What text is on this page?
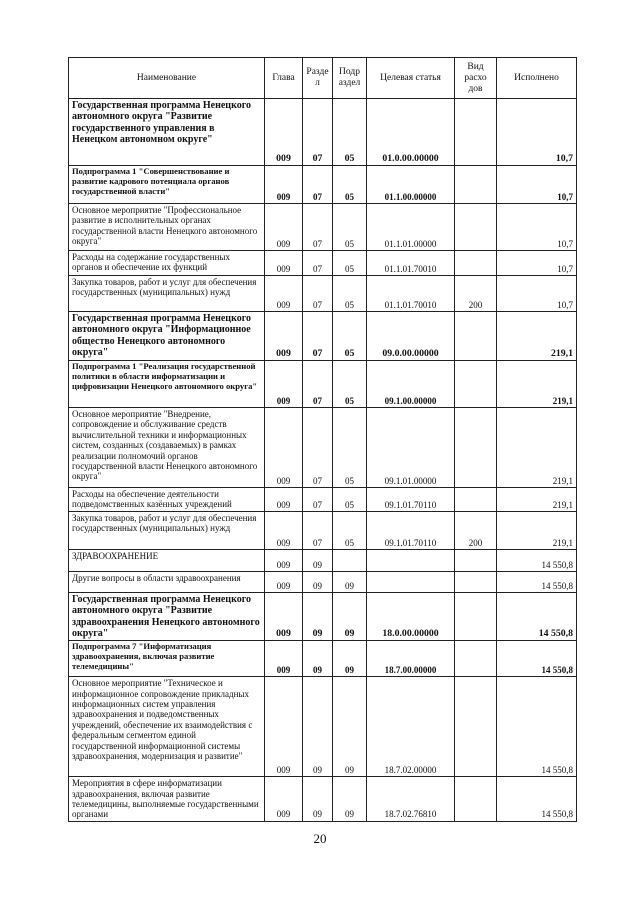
Наименование	Глава	Разде л	Подр аздел	Целевая статья	Вид расхо дов	Исполнено
Государственная программа Ненецкого автономного округа "Развитие государственного управления в Ненецком автономном округе"	009	07	05	01.0.00.00000		10,7
Подпрограмма 1 "Совершенствование и развитие кадрового потенциала органов государственной власти"	009	07	05	01.1.00.00000		10,7
Основное мероприятие "Профессиональное развитие в исполнительных органах государственной власти Ненецкого автономного округа"	009	07	05	01.1.01.00000		10,7
Расходы на содержание государственных органов и обеспечение их функций	009	07	05	01.1.01.70010		10,7
Закупка товаров, работ и услуг для обеспечения государственных (муниципальных) нужд	009	07	05	01.1.01.70010	200	10,7
Государственная программа Ненецкого автономного округа "Информационное общество Ненецкого автономного округа"	009	07	05	09.0.00.00000		219,1
Подпрограмма 1 "Реализация государственной политики в области информатизации и цифровизации Ненецкого автономного округа"	009	07	05	09.1.00.00000		219,1
Основное мероприятие "Внедрение, сопровождение и обслуживание средств вычислительной техники и информационных систем, созданных (создаваемых) в рамках реализации полномочий органов государственной власти Ненецкого автономного округа"	009	07	05	09.1.01.00000		219,1
Расходы на обеспечение деятельности подведомственных казённых учреждений	009	07	05	09.1.01.70110		219,1
Закупка товаров, работ и услуг для обеспечения государственных (муниципальных) нужд	009	07	05	09.1.01.70110	200	219,1
ЗДРАВООХРАНЕНИЕ	009	09				14 550,8
Другие вопросы в области здравоохранения	009	09	09			14 550,8
Государственная программа Ненецкого автономного округа "Развитие здравоохранения Ненецкого автономного округа"	009	09	09	18.0.00.00000		14 550,8
Подпрограмма 7 "Информатизация здравоохранения, включая развитие телемедицины"	009	09	09	18.7.00.00000		14 550,8
Основное мероприятие "Техническое и информационное сопровождение прикладных информационных систем управления здравоохранения и подведомственных учреждений, обеспечение их взаимодействия с федеральным сегментом единой государственной информационной системы здравоохранения, модернизация и развитие"	009	09	09	18.7.02.00000		14 550,8
Мероприятия в сфере информатизации здравоохранения, включая развитие телемедицины, выполняемые государственными органами	009	09	09	18.7.02.76810		14 550,8
20
